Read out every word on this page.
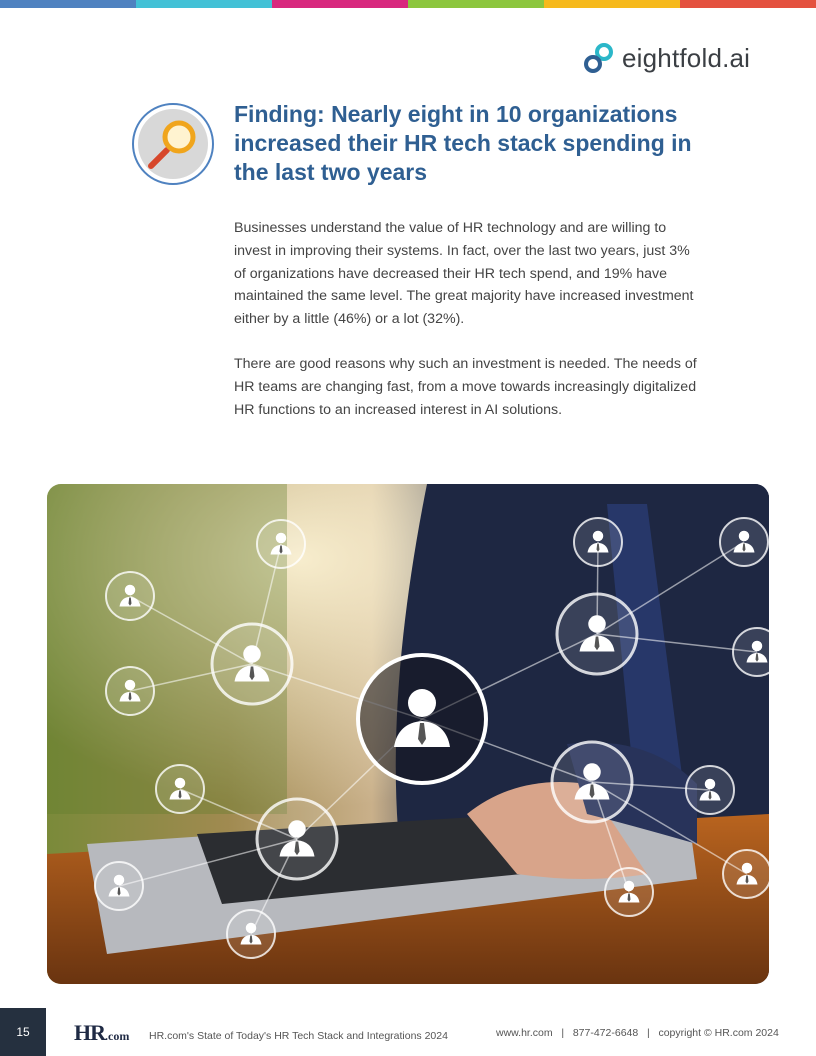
eightfold.ai
Finding: Nearly eight in 10 organizations increased their HR tech stack spending in the last two years

Businesses understand the value of HR technology and are willing to invest in improving their systems. In fact, over the last two years, just 3% of organizations have decreased their HR tech spend, and 19% have maintained the same level. The great majority have increased investment either by a little (46%) or a lot (32%).

There are good reasons why such an investment is needed. The needs of HR teams are changing fast, from a move towards increasingly digitalized HR functions to an increased interest in AI solutions.

15	HR .com HR.com's State of Today's HR Tech Stack and Integrations 2024	www.hr.com   |   877-472-6648   |   copyright © HR.com 2024
